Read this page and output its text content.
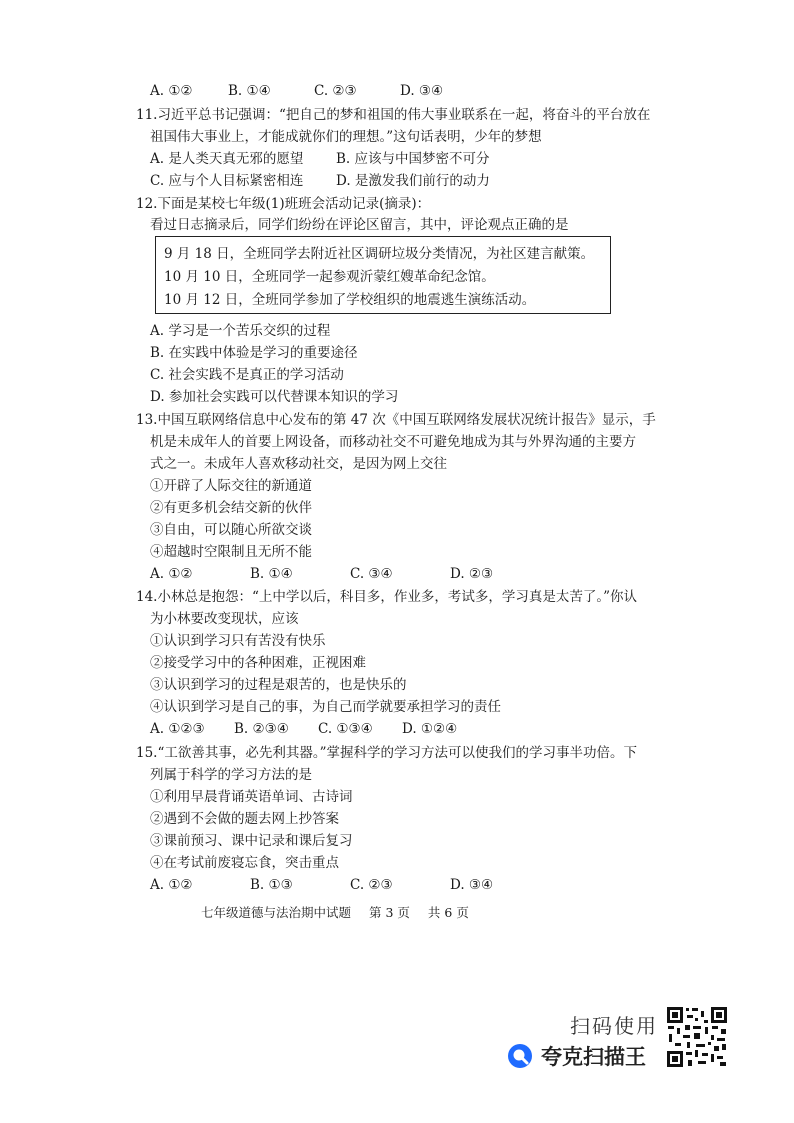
A. ①②	B. ①④	C. ②③	D. ③④
11.习近平总书记强调：“把自己的梦和祖国的伟大事业联系在一起，将奋斗的平台放在
祖国伟大事业上，才能成就你们的理想。”这句话表明，少年的梦想
A. 是人类天真无邪的愿望 B. 应该与中国梦密不可分
C. 应与个人目标紧密相连 D. 是激发我们前行的动力
12.下面是某校七年级(1)班班会活动记录(摘录)：
看过日志摘录后，同学们纷纷在评论区留言，其中，评论观点正确的是
9 月 18 日，全班同学去附近社区调研垃圾分类情况，为社区建言献策。
10 月 10 日，全班同学一起参观沂蒙红嫂革命纪念馆。
10 月 12 日，全班同学参加了学校组织的地震逃生演练活动。
A. 学习是一个苦乐交织的过程
B. 在实践中体验是学习的重要途径
C. 社会实践不是真正的学习活动
D. 参加社会实践可以代替课本知识的学习
13.中国互联网络信息中心发布的第 47 次《中国互联网络发展状况统计报告》显示，手
机是未成年人的首要上网设备，而移动社交不可避免地成为其与外界沟通的主要方
式之一。未成年人喜欢移动社交，是因为网上交往
①开辟了人际交往的新通道
②有更多机会结交新的伙伴
③自由，可以随心所欲交谈
④超越时空限制且无所不能
A. ①②	B. ①④	C. ③④	D. ②③
14.小林总是抱怨：“上中学以后，科目多，作业多，考试多，学习真是太苦了。”你认
为小林要改变现状，应该
①认识到学习只有苦没有快乐
②接受学习中的各种困难，正视困难
③认识到学习的过程是艰苦的，也是快乐的
④认识到学习是自己的事，为自己而学就要承担学习的责任
A. ①②③ B. ②③④ C. ①③④ D. ①②④
15.“工欲善其事，必先利其器。”掌握科学的学习方法可以使我们的学习事半功倍。下
列属于科学的学习方法的是
①利用早晨背诵英语单词、古诗词
②遇到不会做的题去网上抄答案
③课前预习、课中记录和课后复习
④在考试前废寝忘食，突击重点
A. ①②	B. ①③	C. ②③	D. ③④
七年级道德与法治期中试题 第 3 页 共 6 页
扫码使用
夸克扫描王
